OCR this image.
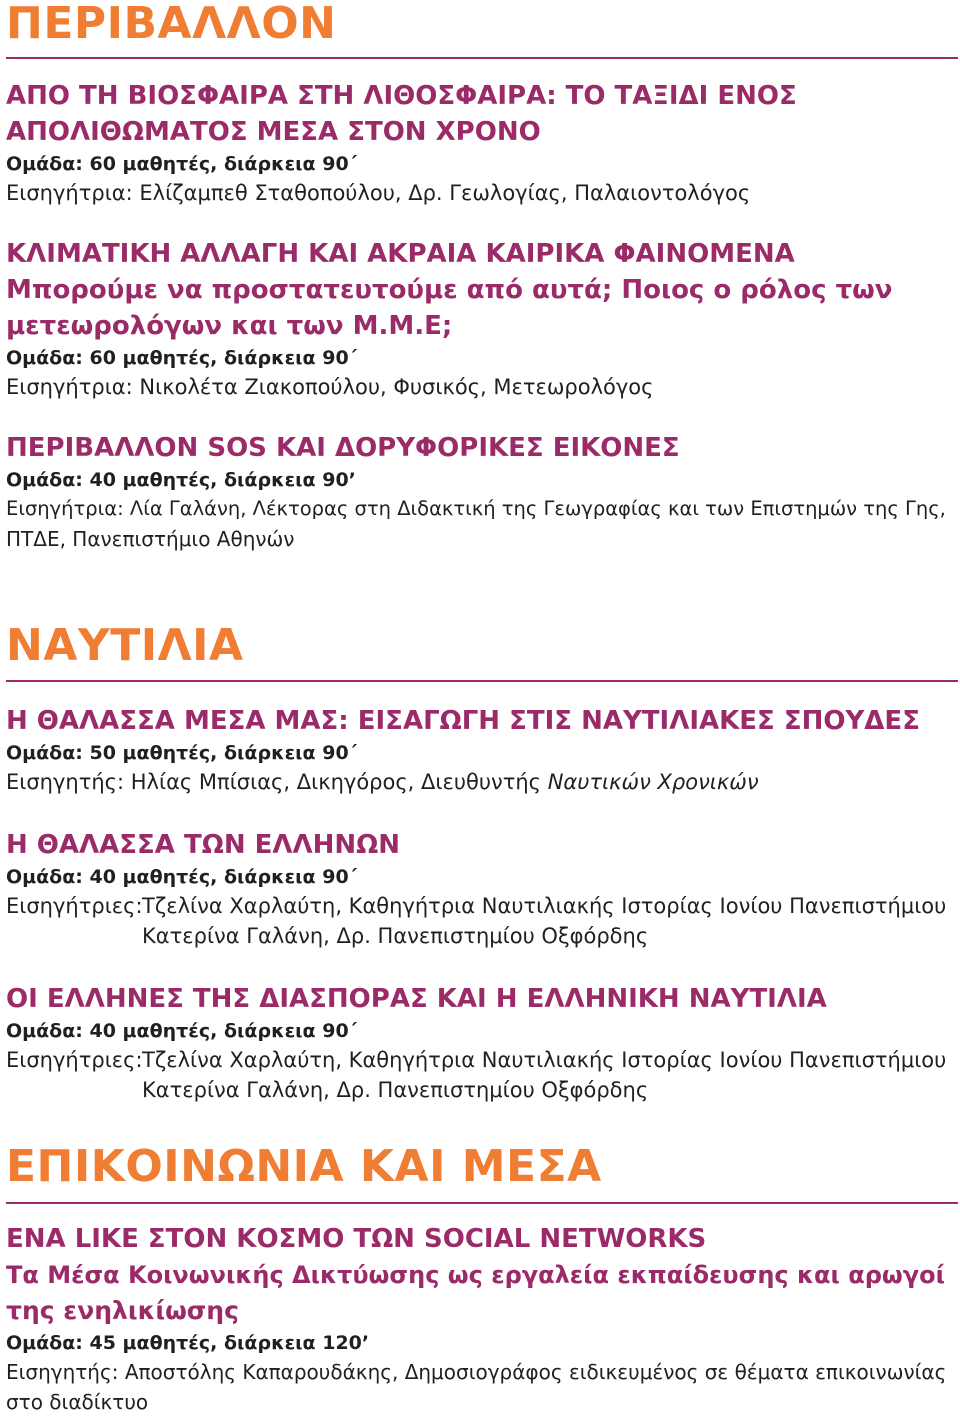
ΠΕΡΙΒΑΛΛΟΝ
ΑΠΟ ΤΗ ΒΙΟΣΦΑΙΡΑ ΣΤΗ ΛΙΘΟΣΦΑΙΡΑ: ΤΟ ΤΑΞΙΔΙ ΕΝΟΣ
ΑΠΟΛΙΘΩΜΑΤΟΣ ΜΕΣΑ ΣΤΟΝ ΧΡΟΝΟ
Ομάδα: 60 μαθητές, διάρκεια 90΄
Εισηγήτρια: Ελίζαμπεθ Σταθοπούλου, Δρ. Γεωλογίας, Παλαιοντολόγος
ΚΛΙΜΑΤΙΚΗ ΑΛΛΑΓΗ ΚΑΙ ΑΚΡΑΙΑ ΚΑΙΡΙΚΑ ΦΑΙΝΟΜΕΝΑ
Μπορούμε να προστατευτούμε από αυτά; Ποιος ο ρόλος των
μετεωρολόγων και των Μ.Μ.Ε;
Ομάδα: 60 μαθητές, διάρκεια 90΄
Εισηγήτρια: Νικολέτα Ζιακοπούλου, Φυσικός, Μετεωρολόγος
ΠΕΡΙΒΑΛΛΟΝ SOS ΚΑΙ ΔΟΡΥΦΟΡΙΚΕΣ ΕΙΚΟΝΕΣ
Ομάδα: 40 μαθητές, διάρκεια 90’
Εισηγήτρια: Λία Γαλάνη, Λέκτορας στη Διδακτική της Γεωγραφίας και των Επιστημών της Γης,
ΠΤΔΕ, Πανεπιστήμιο Αθηνών
ΝΑΥΤΙΛΙΑ
Η ΘΑΛΑΣΣΑ ΜΕΣΑ ΜΑΣ: ΕΙΣΑΓΩΓΗ ΣΤΙΣ ΝΑΥΤΙΛΙΑΚΕΣ ΣΠΟΥΔΕΣ
Ομάδα: 50 μαθητές, διάρκεια 90΄
Εισηγητής: Ηλίας Μπίσιας, Δικηγόρος, Διευθυντής Ναυτικών Χρονικών
Η ΘΑΛΑΣΣΑ ΤΩΝ ΕΛΛΗΝΩΝ
Ομάδα: 40 μαθητές, διάρκεια 90΄
Εισηγήτριες: Τζελίνα Χαρλαύτη, Καθηγήτρια Ναυτιλιακής Ιστορίας Ιονίου Πανεπιστήμιου
Κατερίνα Γαλάνη, Δρ. Πανεπιστημίου Οξφόρδης
ΟΙ ΕΛΛΗΝΕΣ ΤΗΣ ΔΙΑΣΠΟΡΑΣ ΚΑΙ Η ΕΛΛΗΝΙΚΗ ΝΑΥΤΙΛΙΑ
Ομάδα: 40 μαθητές, διάρκεια 90΄
Εισηγήτριες: Τζελίνα Χαρλαύτη, Καθηγήτρια Ναυτιλιακής Ιστορίας Ιονίου Πανεπιστήμιου
Κατερίνα Γαλάνη, Δρ. Πανεπιστημίου Οξφόρδης
ΕΠΙΚΟΙΝΩΝΙΑ ΚΑΙ ΜΕΣΑ
ΕΝΑ LIKE ΣΤΟΝ ΚΟΣΜΟ ΤΩΝ SOCIAL NETWORKS
Τα Μέσα Κοινωνικής Δικτύωσης ως εργαλεία εκπαίδευσης και αρωγοί
της ενηλικίωσης
Ομάδα: 45 μαθητές, διάρκεια 120’
Εισηγητής: Αποστόλης Καπαρουδάκης, Δημοσιογράφος ειδικευμένος σε θέματα επικοινωνίας
στο διαδίκτυο
